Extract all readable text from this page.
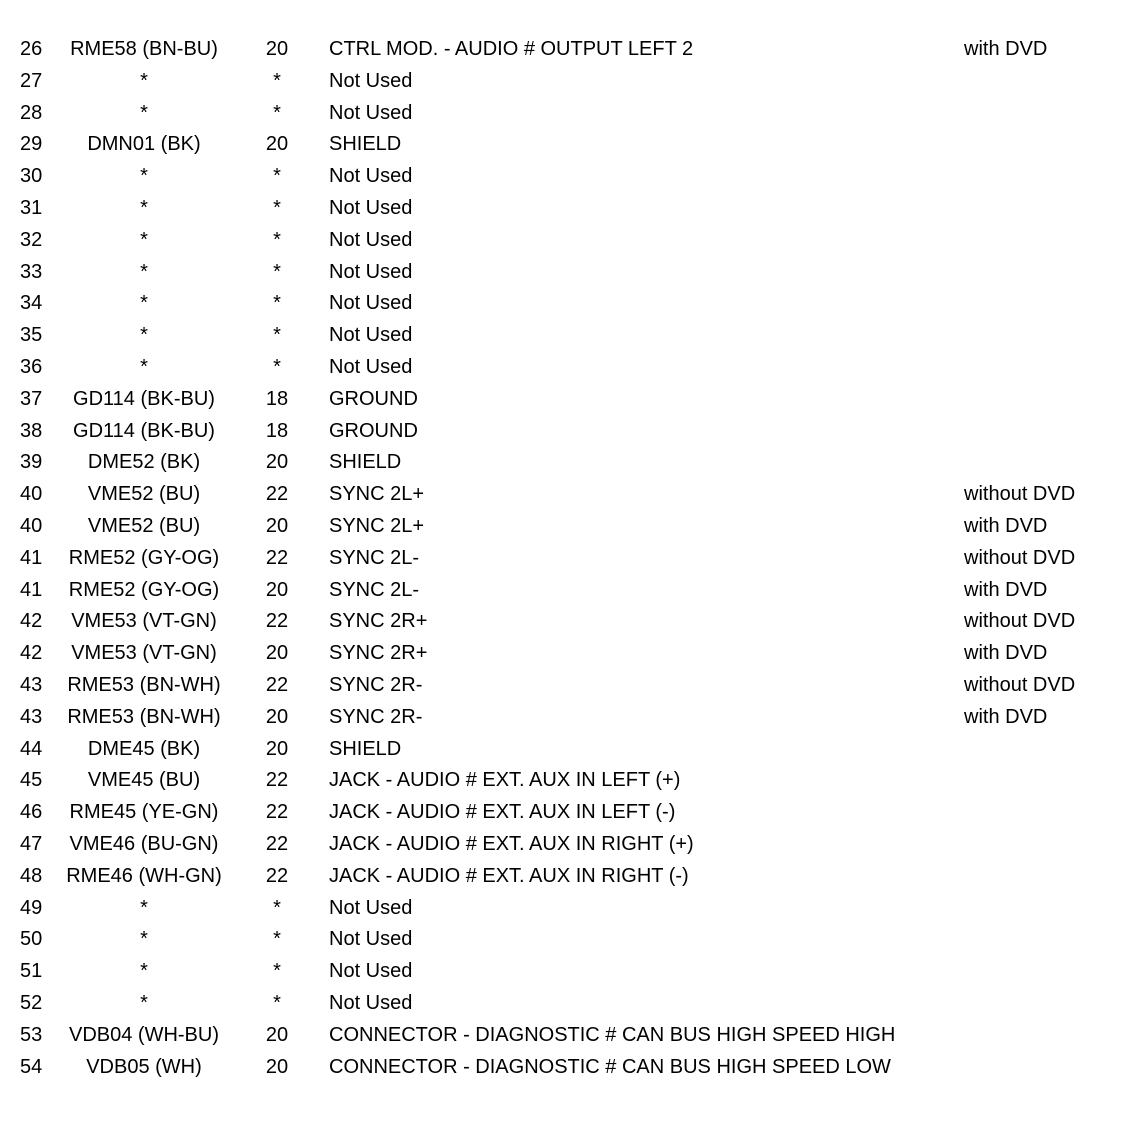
26	RME58 (BN-BU)	20	CTRL MOD. - AUDIO # OUTPUT LEFT 2	with DVD
27	*	*	Not Used
28	*	*	Not Used
29	DMN01 (BK)	20	SHIELD
30	*	*	Not Used
31	*	*	Not Used
32	*	*	Not Used
33	*	*	Not Used
34	*	*	Not Used
35	*	*	Not Used
36	*	*	Not Used
37	GD114 (BK-BU)	18	GROUND
38	GD114 (BK-BU)	18	GROUND
39	DME52 (BK)	20	SHIELD
40	VME52 (BU)	22	SYNC 2L+	without DVD
40	VME52 (BU)	20	SYNC 2L+	with DVD
41	RME52 (GY-OG)	22	SYNC 2L-	without DVD
41	RME52 (GY-OG)	20	SYNC 2L-	with DVD
42	VME53 (VT-GN)	22	SYNC 2R+	without DVD
42	VME53 (VT-GN)	20	SYNC 2R+	with DVD
43	RME53 (BN-WH)	22	SYNC 2R-	without DVD
43	RME53 (BN-WH)	20	SYNC 2R-	with DVD
44	DME45 (BK)	20	SHIELD
45	VME45 (BU)	22	JACK - AUDIO # EXT. AUX IN LEFT (+)
46	RME45 (YE-GN)	22	JACK - AUDIO # EXT. AUX IN LEFT (-)
47	VME46 (BU-GN)	22	JACK - AUDIO # EXT. AUX IN RIGHT (+)
48	RME46 (WH-GN)	22	JACK - AUDIO # EXT. AUX IN RIGHT (-)
49	*	*	Not Used
50	*	*	Not Used
51	*	*	Not Used
52	*	*	Not Used
53	VDB04 (WH-BU)	20	CONNECTOR - DIAGNOSTIC # CAN BUS HIGH SPEED HIGH
54	VDB05 (WH)	20	CONNECTOR - DIAGNOSTIC # CAN BUS HIGH SPEED LOW
